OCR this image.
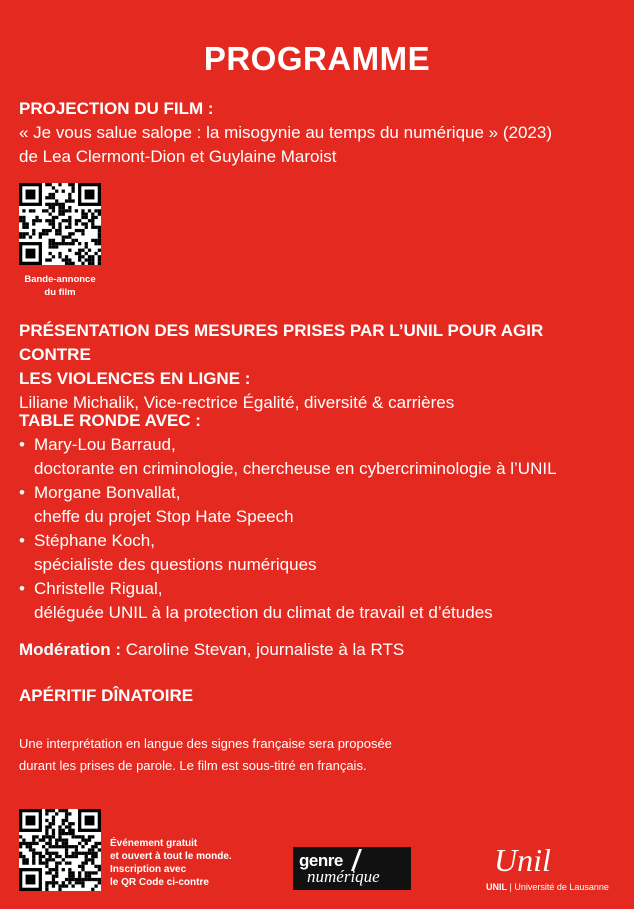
PROGRAMME
PROJECTION DU FILM :
« Je vous salue salope : la misogynie au temps du numérique » (2023)
de Lea Clermont-Dion et Guylaine Maroist
Bande-annonce
du film
PRÉSENTATION DES MESURES PRISES PAR L’UNIL POUR AGIR CONTRE
LES VIOLENCES EN LIGNE :
Liliane Michalik, Vice-rectrice Égalité, diversité & carrières
TABLE RONDE AVEC :
• Mary-Lou Barraud,
doctorante en criminologie, chercheuse en cybercriminologie à l’UNIL
• Morgane Bonvallat,
cheffe du projet Stop Hate Speech
• Stéphane Koch,
spécialiste des questions numériques
• Christelle Rigual,
déléguée UNIL à la protection du climat de travail et d’études
Modération : Caroline Stevan, journaliste à la RTS
APÉRITIF DÎNATOIRE
Une interprétation en langue des signes française sera proposée
durant les prises de parole. Le film est sous-titré en français.
Événement gratuit
et ouvert à tout le monde.
Inscription avec
le QR Code ci-contre
genre
numérique	Unil
UNIL | Université de Lausanne
